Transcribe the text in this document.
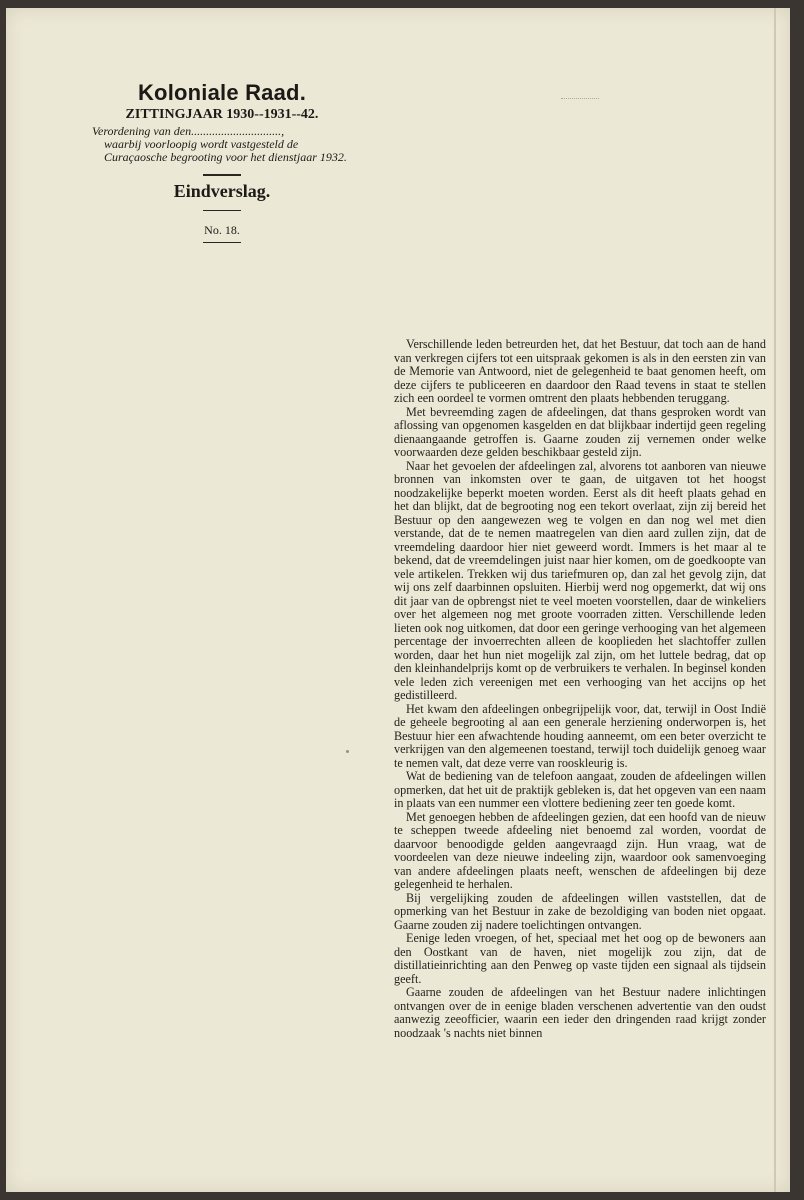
Koloniale Raad.
ZITTINGJAAR 1930--1931--42.
Verordening van den..............................,
waarbij voorloopig wordt vastgesteld de Curaçaosche begrooting voor het dienstjaar 1932.
Eindverslag.
No. 18.

Verschillende leden betreurden het, dat het Bestuur, dat toch aan de hand van verkregen cijfers tot een uitspraak gekomen is als in den eersten zin van de Memorie van Antwoord, niet de gelegenheid te baat genomen heeft, om deze cijfers te publiceeren en daardoor den Raad tevens in staat te stellen zich een oordeel te vormen omtrent den plaats hebbenden teruggang.

Met bevreemding zagen de afdeelingen, dat thans gesproken wordt van aflossing van opgenomen kasgelden en dat blijkbaar indertijd geen regeling dienaangaande getroffen is. Gaarne zouden zij vernemen onder welke voorwaarden deze gelden beschikbaar gesteld zijn.

Naar het gevoelen der afdeelingen zal, alvorens tot aanboren van nieuwe bronnen van inkomsten over te gaan, de uitgaven tot het hoogst noodzakelijke beperkt moeten worden. Eerst als dit heeft plaats gehad en het dan blijkt, dat de begrooting nog een tekort overlaat, zijn zij bereid het Bestuur op den aangewezen weg te volgen en dan nog wel met dien verstande, dat de te nemen maatregelen van dien aard zullen zijn, dat de vreemdeling daardoor hier niet geweerd wordt. Immers is het maar al te bekend, dat de vreemdelingen juist naar hier komen, om de goedkoopte van vele artikelen. Trekken wij dus tariefmuren op, dan zal het gevolg zijn, dat wij ons zelf daarbinnen opsluiten. Hierbij werd nog opgemerkt, dat wij ons dit jaar van de opbrengst niet te veel moeten voorstellen, daar de winkeliers over het algemeen nog met groote voorraden zitten. Verschillende leden lieten ook nog uitkomen, dat door een geringe verhooging van het algemeen percentage der invoerrechten alleen de kooplieden het slachtoffer zullen worden, daar het hun niet mogelijk zal zijn, om het luttele bedrag, dat op den kleinhandelprijs komt op de verbruikers te verhalen. In beginsel konden vele leden zich vereenigen met een verhooging van het accijns op het gedistilleerd.

Het kwam den afdeelingen onbegrijpelijk voor, dat, terwijl in Oost Indië de geheele begrooting al aan een generale herziening onderworpen is, het Bestuur hier een afwachtende houding aanneemt, om een beter overzicht te verkrijgen van den algemeenen toestand, terwijl toch duidelijk genoeg waar te nemen valt, dat deze verre van rooskleurig is.

Wat de bediening van de telefoon aangaat, zouden de afdeelingen willen opmerken, dat het uit de praktijk gebleken is, dat het opgeven van een naam in plaats van een nummer een vlottere bediening zeer ten goede komt.

Met genoegen hebben de afdeelingen gezien, dat een hoofd van de nieuw te scheppen tweede afdeeling niet benoemd zal worden, voordat de daarvoor benoodigde gelden aangevraagd zijn. Hun vraag, wat de voordeelen van deze nieuwe indeeling zijn, waardoor ook samenvoeging van andere afdeelingen plaats neeft, wenschen de afdeelingen bij deze gelegenheid te herhalen.

Bij vergelijking zouden de afdeelingen willen vaststellen, dat de opmerking van het Bestuur in zake de bezoldiging van boden niet opgaat. Gaarne zouden zij nadere toelichtingen ontvangen.

Eenige leden vroegen, of het, speciaal met het oog op de bewoners aan den Oostkant van de haven, niet mogelijk zou zijn, dat de distillatieinrichting aan den Penweg op vaste tijden een signaal als tijdsein geeft.

Gaarne zouden de afdeelingen van het Bestuur nadere inlichtingen ontvangen over de in eenige bladen verschenen advertentie van den oudst aanwezig zeeofficier, waarin een ieder den dringenden raad krijgt zonder noodzaak 's nachts niet binnen
